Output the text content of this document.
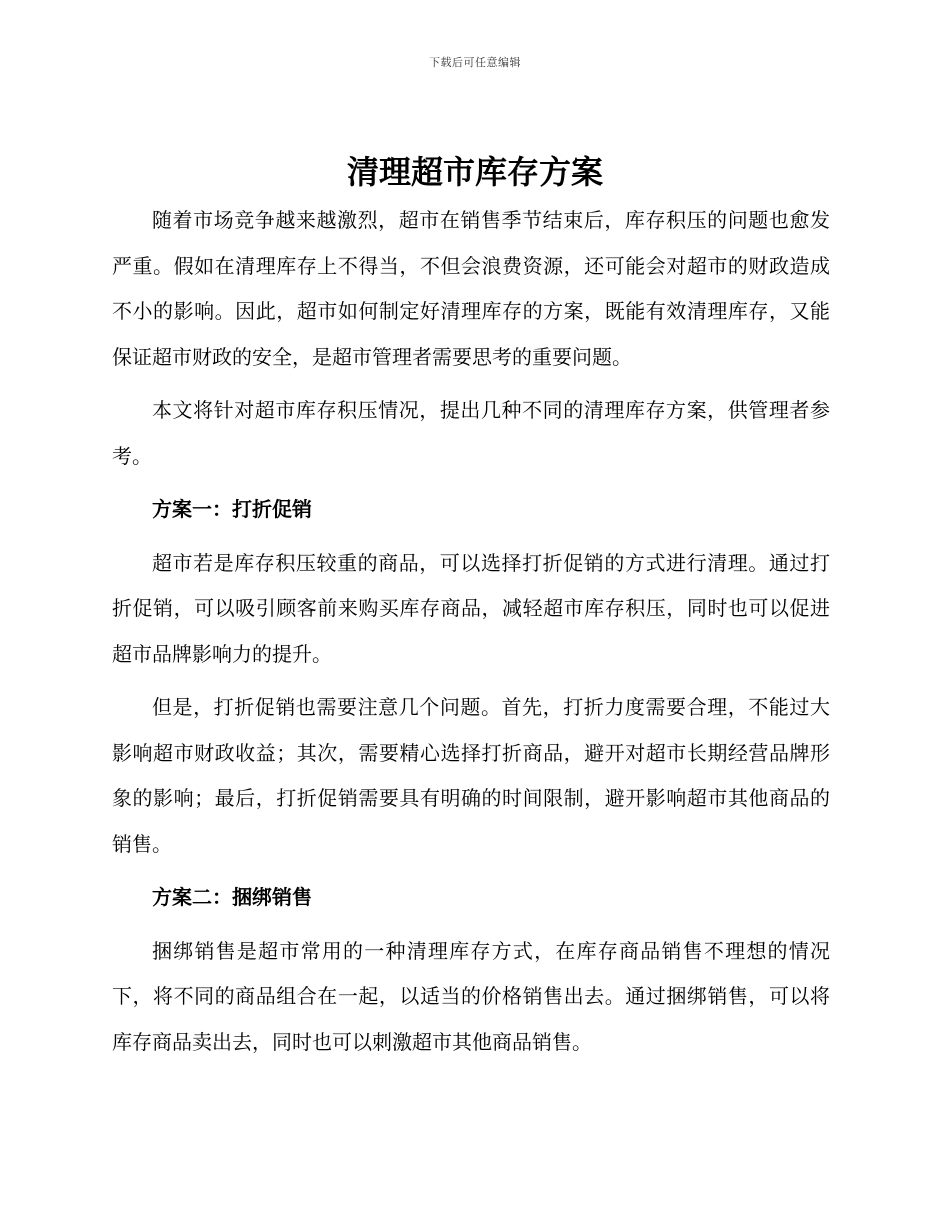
下载后可任意编辑
清理超市库存方案

随着市场竞争越来越激烈，超市在销售季节结束后，库存积压的问题也愈发严重。假如在清理库存上不得当，不但会浪费资源，还可能会对超市的财政造成不小的影响。因此，超市如何制定好清理库存的方案，既能有效清理库存，又能保证超市财政的安全，是超市管理者需要思考的重要问题。

本文将针对超市库存积压情况，提出几种不同的清理库存方案，供管理者参考。

方案一：打折促销

超市若是库存积压较重的商品，可以选择打折促销的方式进行清理。通过打折促销，可以吸引顾客前来购买库存商品，减轻超市库存积压，同时也可以促进超市品牌影响力的提升。

但是，打折促销也需要注意几个问题。首先，打折力度需要合理，不能过大影响超市财政收益；其次，需要精心选择打折商品，避开对超市长期经营品牌形象的影响；最后，打折促销需要具有明确的时间限制，避开影响超市其他商品的销售。

方案二：捆绑销售

捆绑销售是超市常用的一种清理库存方式，在库存商品销售不理想的情况下，将不同的商品组合在一起，以适当的价格销售出去。通过捆绑销售，可以将库存商品卖出去，同时也可以刺激超市其他商品销售。
